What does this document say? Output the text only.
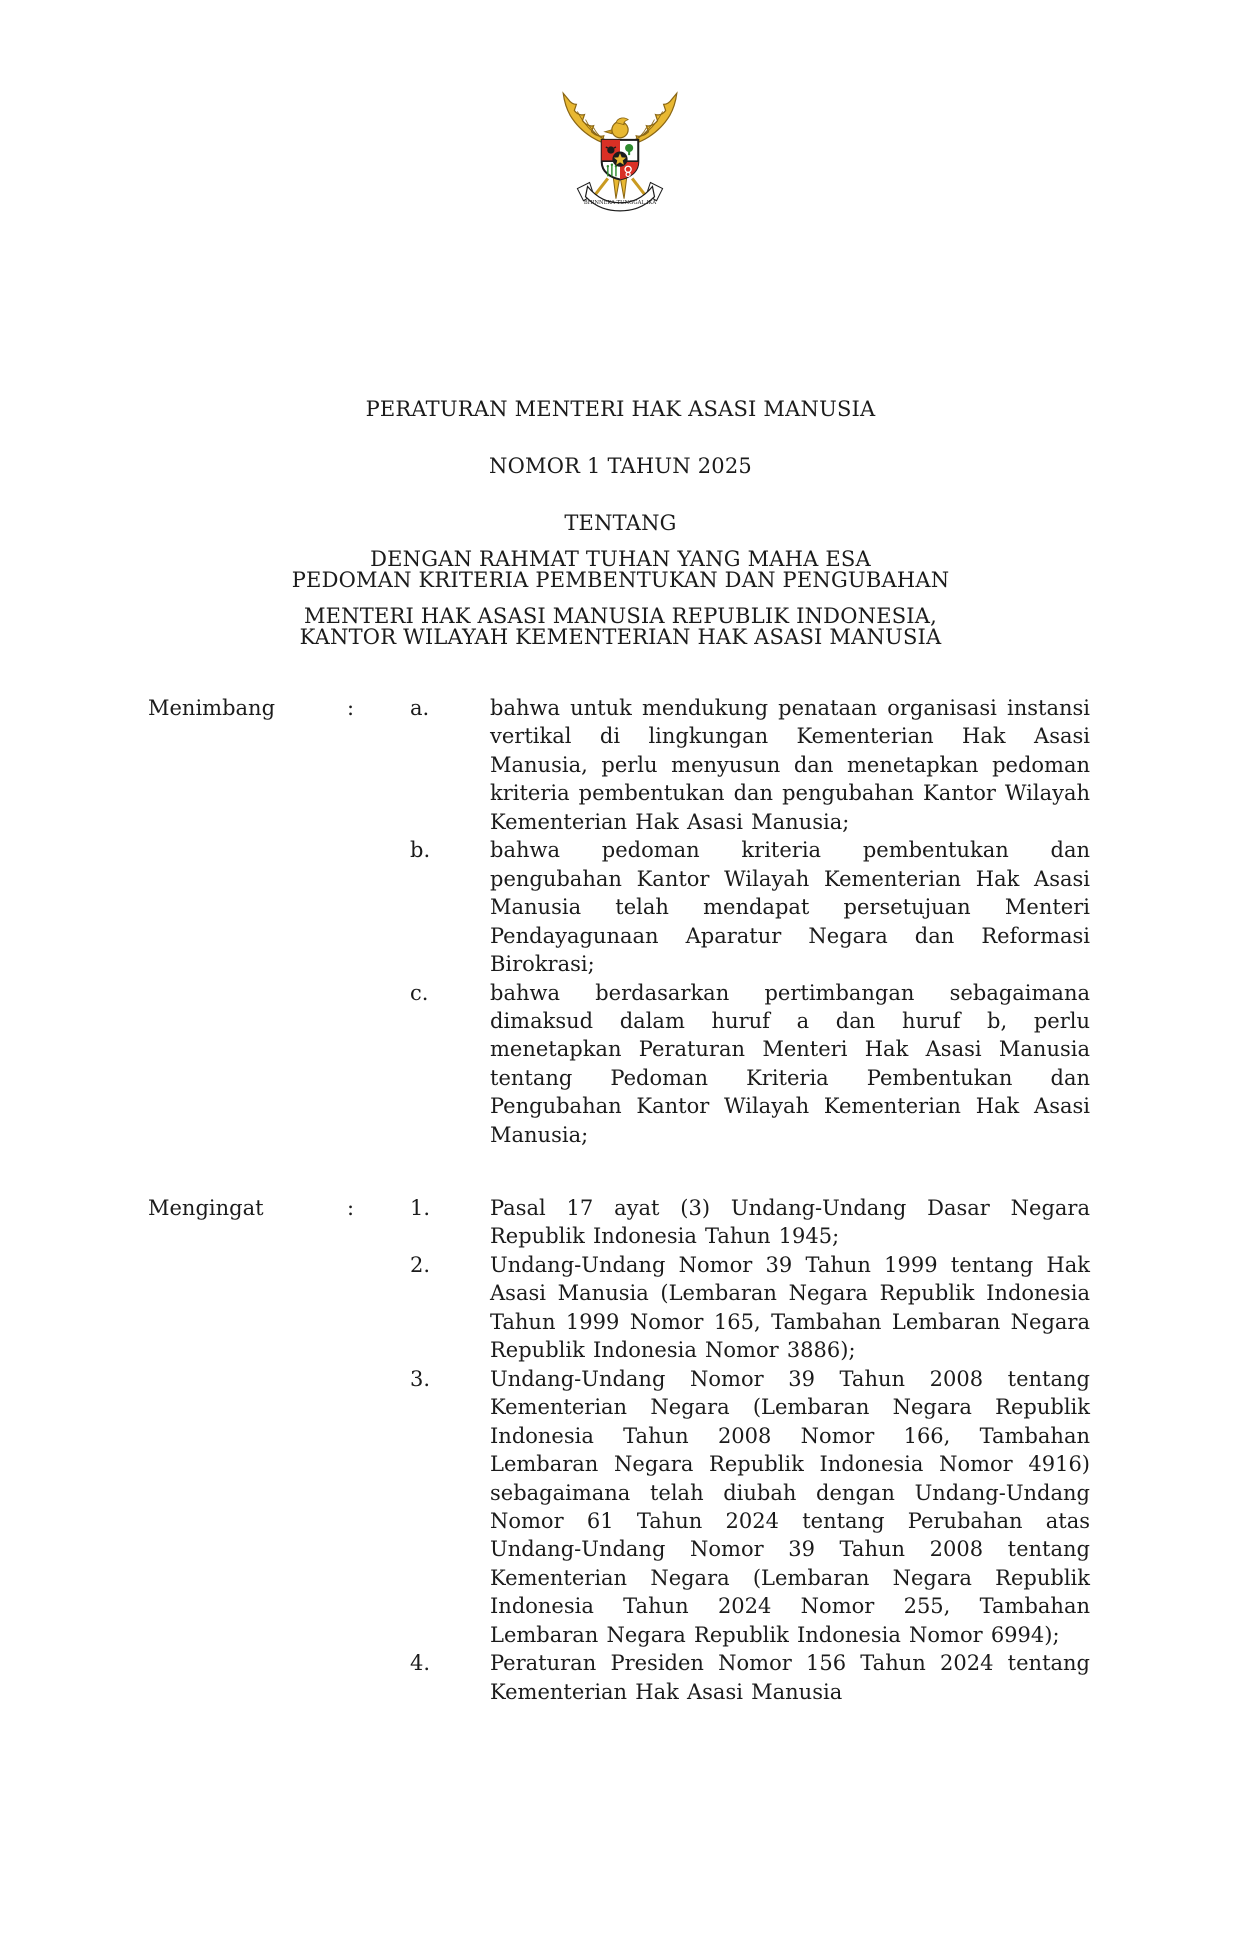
BHINNEKA TUNGGAL IKA

PERATURAN MENTERI HAK ASASI MANUSIA

NOMOR 1 TAHUN 2025

TENTANG

PEDOMAN KRITERIA PEMBENTUKAN DAN PENGUBAHAN

KANTOR WILAYAH KEMENTERIAN HAK ASASI MANUSIA

DENGAN RAHMAT TUHAN YANG MAHA ESA
MENTERI HAK ASASI MANUSIA REPUBLIK INDONESIA,
Menimbang	:	a.	bahwa untuk mendukung penataan organisasi instansi vertikal di lingkungan Kementerian Hak Asasi Manusia, perlu menyusun dan menetapkan pedoman kriteria pembentukan dan pengubahan Kantor Wilayah Kementerian Hak Asasi Manusia;
b.	bahwa pedoman kriteria pembentukan dan pengubahan Kantor Wilayah Kementerian Hak Asasi Manusia telah mendapat persetujuan Menteri Pendayagunaan Aparatur Negara dan Reformasi Birokrasi;
c.	bahwa berdasarkan pertimbangan sebagaimana dimaksud dalam huruf a dan huruf b, perlu menetapkan Peraturan Menteri Hak Asasi Manusia tentang Pedoman Kriteria Pembentukan dan Pengubahan Kantor Wilayah Kementerian Hak Asasi Manusia;
Mengingat	:	1.	Pasal 17 ayat (3) Undang-Undang Dasar Negara Republik Indonesia Tahun 1945;
2.	Undang-Undang Nomor 39 Tahun 1999 tentang Hak Asasi Manusia (Lembaran Negara Republik Indonesia Tahun 1999 Nomor 165, Tambahan Lembaran Negara Republik Indonesia Nomor 3886);
3.	Undang-Undang Nomor 39 Tahun 2008 tentang Kementerian Negara (Lembaran Negara Republik Indonesia Tahun 2008 Nomor 166, Tambahan Lembaran Negara Republik Indonesia Nomor 4916) sebagaimana telah diubah dengan Undang-Undang Nomor 61 Tahun 2024 tentang Perubahan atas Undang-Undang Nomor 39 Tahun 2008 tentang Kementerian Negara (Lembaran Negara Republik Indonesia Tahun 2024 Nomor 255, Tambahan Lembaran Negara Republik Indonesia Nomor 6994);
4.	Peraturan Presiden Nomor 156 Tahun 2024 tentang Kementerian Hak Asasi Manusia
